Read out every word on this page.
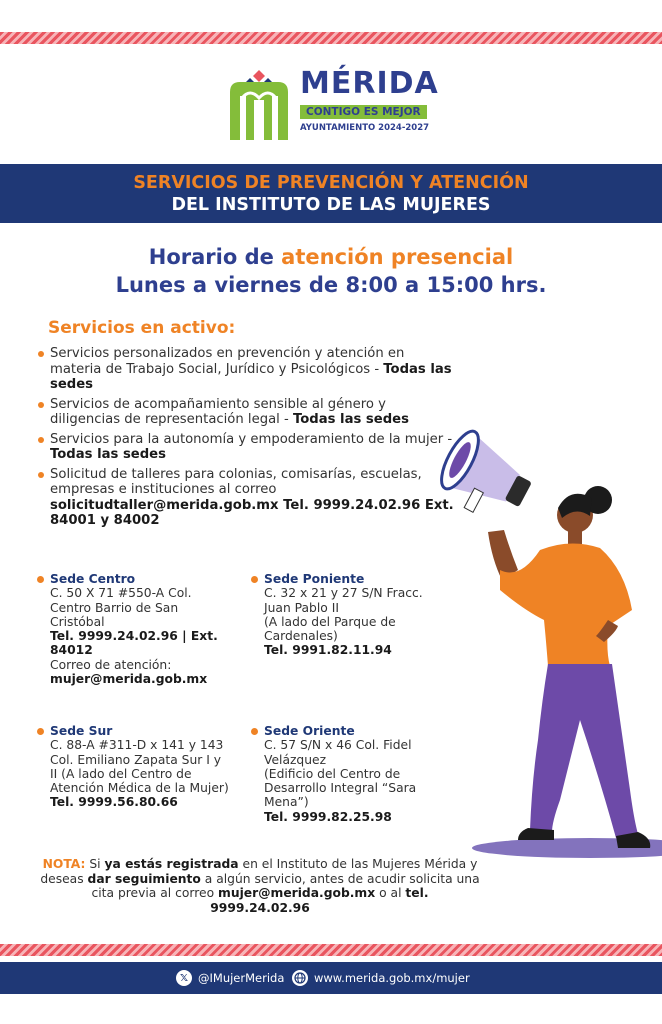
MÉRIDA
CONTIGO ES MEJOR
AYUNTAMIENTO 2024-2027
SERVICIOS DE PREVENCIÓN Y ATENCIÓN
DEL INSTITUTO DE LAS MUJERES
Horario de atención presencial
Lunes a viernes de 8:00 a 15:00 hrs.
Servicios en activo:
Servicios personalizados en prevención y atención en materia de Trabajo Social, Jurídico y Psicológicos - Todas las sedes
Servicios de acompañamiento sensible al género y diligencias de representación legal - Todas las sedes
Servicios para la autonomía y empoderamiento de la mujer - Todas las sedes
Solicitud de talleres para colonias, comisarías, escuelas, empresas e instituciones al correo solicitudtaller@merida.gob.mx Tel. 9999.24.02.96 Ext. 84001 y 84002
Sede Centro
C. 50 X 71 #550-A Col. Centro Barrio de San Cristóbal
Tel. 9999.24.02.96 | Ext. 84012
Correo de atención:
mujer@merida.gob.mx
Sede Poniente
C. 32 x 21 y 27 S/N Fracc. Juan Pablo II
(A lado del Parque de Cardenales)
Tel. 9991.82.11.94
Sede Sur
C. 88-A #311-D x 141 y 143 Col. Emiliano Zapata Sur I y II (A lado del Centro de Atención Médica de la Mujer)
Tel. 9999.56.80.66
Sede Oriente
C. 57 S/N x 46 Col. Fidel Velázquez
(Edificio del Centro de Desarrollo Integral “Sara Mena”)
Tel. 9999.82.25.98
NOTA: Si ya estás registrada en el Instituto de las Mujeres Mérida y deseas dar seguimiento a algún servicio, antes de acudir solicita una cita previa al correo mujer@merida.gob.mx o al tel. 9999.24.02.96
𝕏 @IMujerMerida	www.merida.gob.mx/mujer
